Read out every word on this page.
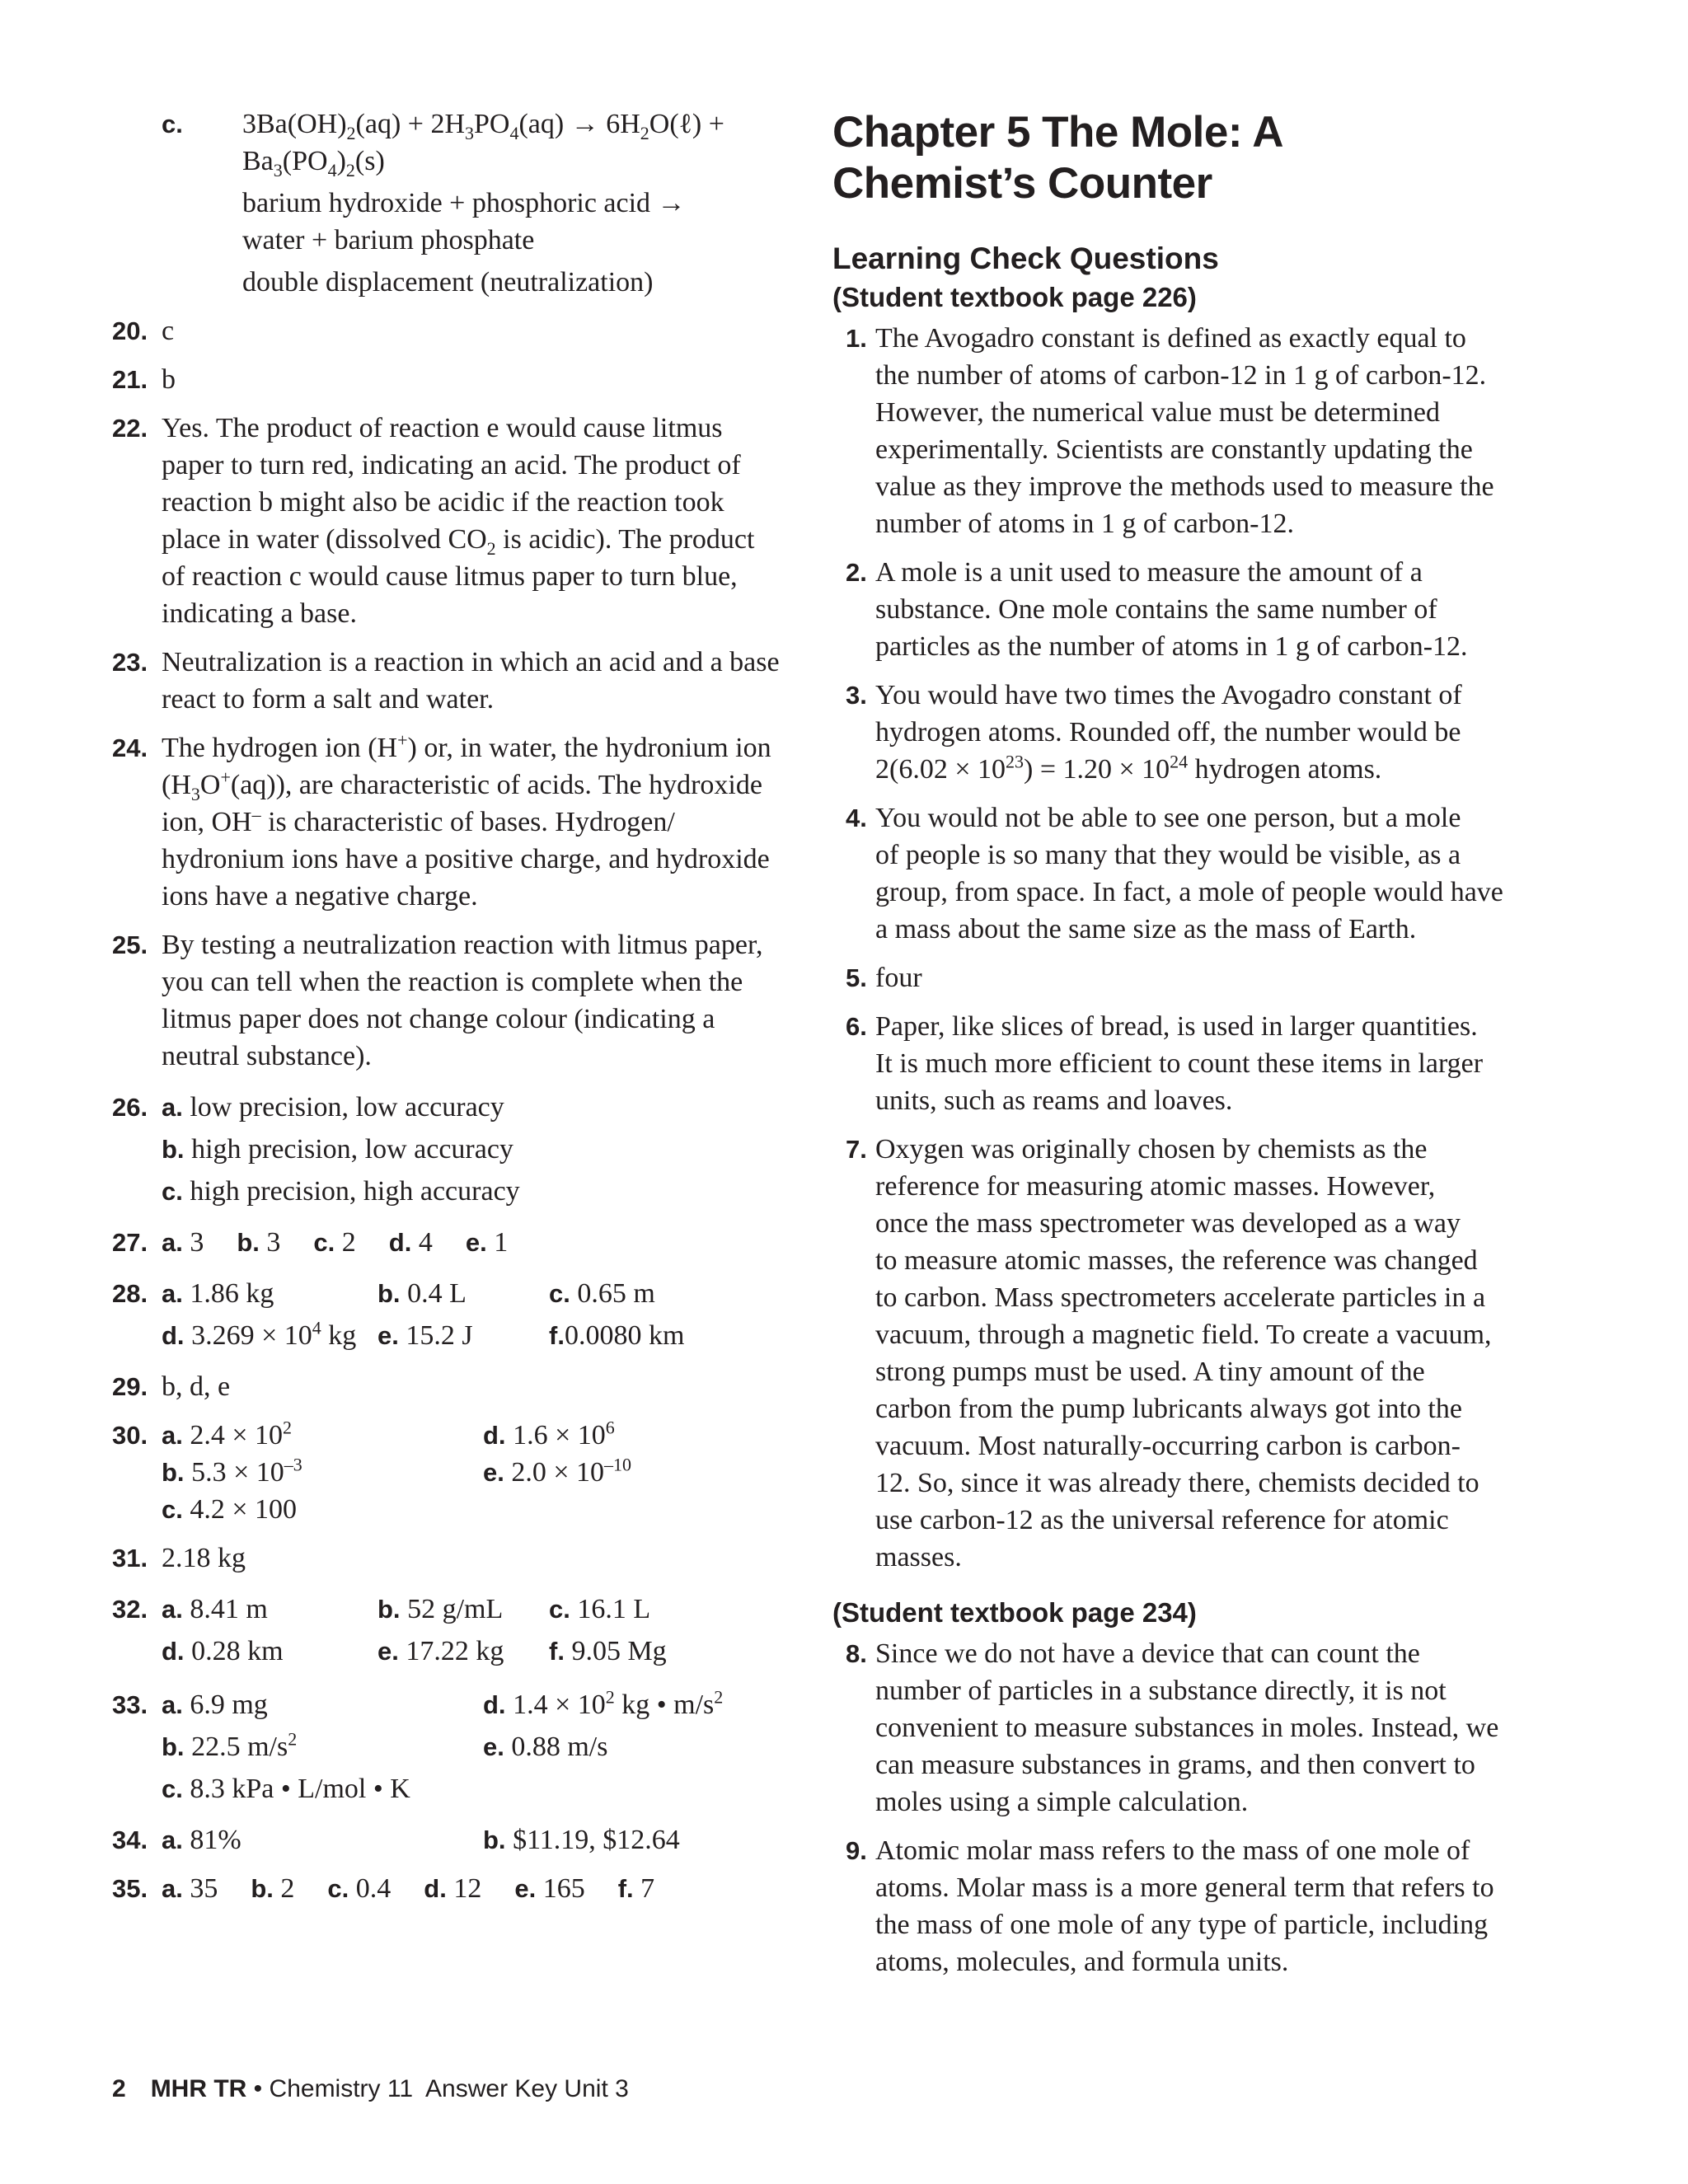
c. $3Ba(OH)_2(aq) + 2H_3PO_4(aq)$ → $6H_2O(\ell)$ +
$Ba_3(PO_4)_2(s)$
barium hydroxide + phosphoric acid →
water + barium phosphate
double displacement (neutralization)
20. c
21. b
22. Yes. The product of reaction e would cause litmus
paper to turn red, indicating an acid. The product of
reaction b might also be acidic if the reaction took
place in water (dissolved $CO_2$ is acidic). The product
of reaction c would cause litmus paper to turn blue,
indicating a base.
23. Neutralization is a reaction in which an acid and a base
react to form a salt and water.
24. The hydrogen ion (H+) or, in water, the hydronium ion
$(H_3O^+(aq))$, are characteristic of acids. The hydroxide
ion, OH– is characteristic of bases. Hydrogen/
hydronium ions have a positive charge, and hydroxide
ions have a negative charge.
25. By testing a neutralization reaction with litmus paper,
you can tell when the reaction is complete when the
litmus paper does not change colour (indicating a
neutral substance).
26. a. low precision, low accuracy
b. high precision, low accuracy
c. high precision, high accuracy
27. a. 3 b. 3 c. 2 d. 4 e. 1
28. a. 1.86 kg	b. 0.4 L	c. 0.65 m
d. $3.269 \times 10^4$ kg e. 15.2 J	f.0.0080 km
29. b, d, e
30. a. $2.4 \times 10^2$	d. $1.6 \times 10^6$
b. $5.3 \times 10^{-3}$	e. $2.0 \times 10^{-10}$
c. 4.2 × 100
31. 2.18 kg
32. a. 8.41 m	b. 52 g/mL	c. 16.1 L
d. 0.28 km	e. 17.22 kg	f. 9.05 Mg
33. a. 6.9 mg	d. $1.4 \times 10^2$ kg • $m/s^2$
b. 22.5 $m/s^2$	e. 0.88 m/s
c. 8.3 kPa • L/mol • K
34. a. 81%	b. $11.19, $12.64
35. a. 35 b. 2 c. 0.4 d. 12 e. 165 f. 7
Chapter 5 The Mole: A
Chemist’s Counter
Learning Check Questions
(Student textbook page 226)
1. The Avogadro constant is defined as exactly equal to
the number of atoms of carbon-12 in 1 g of carbon-12.
However, the numerical value must be determined
experimentally. Scientists are constantly updating the
value as they improve the methods used to measure the
number of atoms in 1 g of carbon-12.
2. A mole is a unit used to measure the amount of a
substance. One mole contains the same number of
particles as the number of atoms in 1 g of carbon-12.
3. You would have two times the Avogadro constant of
hydrogen atoms. Rounded off, the number would be
$2(6.02 \times 10^{23}) = 1.20 \times 10^{24}$ hydrogen atoms.
4. You would not be able to see one person, but a mole
of people is so many that they would be visible, as a
group, from space. In fact, a mole of people would have
a mass about the same size as the mass of Earth.
5. four
6. Paper, like slices of bread, is used in larger quantities.
It is much more efficient to count these items in larger
units, such as reams and loaves.
7. Oxygen was originally chosen by chemists as the
reference for measuring atomic masses. However,
once the mass spectrometer was developed as a way
to measure atomic masses, the reference was changed
to carbon. Mass spectrometers accelerate particles in a
vacuum, through a magnetic field. To create a vacuum,
strong pumps must be used. A tiny amount of the
carbon from the pump lubricants always got into the
vacuum. Most naturally-occurring carbon is carbon-
12. So, since it was already there, chemists decided to
use carbon-12 as the universal reference for atomic
masses.
(Student textbook page 234)
8. Since we do not have a device that can count the
number of particles in a substance directly, it is not
convenient to measure substances in moles. Instead, we
can measure substances in grams, and then convert to
moles using a simple calculation.
9. Atomic molar mass refers to the mass of one mole of
atoms. Molar mass is a more general term that refers to
the mass of one mole of any type of particle, including
atoms, molecules, and formula units.
2 MHR TR • Chemistry 11  Answer Key Unit 3
